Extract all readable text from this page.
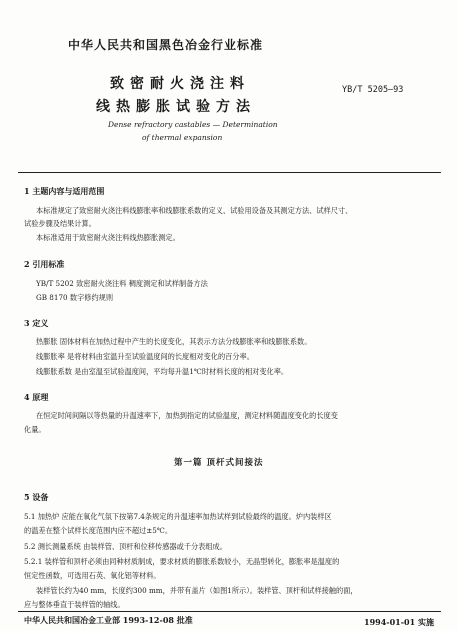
中华人民共和国黑色冶金行业标准
致密耐火浇注料
线热膨胀试验方法
YB/T 5205—93
Dense refractory castables — Determination
of thermal expansion
1 主题内容与适用范围
本标准规定了致密耐火浇注料线膨胀率和线膨胀系数的定义、试验用设备及其测定方法、试样尺寸、
试验步骤及结果计算。
本标准适用于致密耐火浇注料线热膨胀测定。
2 引用标准
YB/T 5202 致密耐火浇注料 稠度测定和试样制备方法
GB 8170 数字修约规则
3 定义
热膨胀 固体材料在加热过程中产生的长度变化，其表示方法分线膨胀率和线膨胀系数。
线膨胀率 是将材料由室温升至试验温度间的长度相对变化的百分率。
线膨胀系数 是由室温至试验温度间，平均每升温1℃时材料长度的相对变化率。
4 原理
在恒定时间间隔以等热量的升温速率下，加热到指定的试验温度，测定材料随温度变化的长度变
化量。
第一篇 顶杆式间接法
5 设备
5.1 加热炉 应能在氧化气氛下按第7.4条规定的升温速率加热试样到试验最终的温度。炉内装样区
的温差在整个试样长度范围内应不超过±5℃。
5.2 测长测量系统 由装样管、顶杆和位移传感器或千分表组成。
5.2.1 装样管和顶杆必须由同种材质制成，要求材质的膨胀系数较小，无晶型转化，膨胀率是温度的
恒定性函数，可选用石英、氧化铝等材料。
装样管长约为40 mm，长度约300 mm，并带有盖片（如图1所示）。装样管、顶杆和试样接触的面，
应与整体垂直于装样管的轴线。
中华人民共和国冶金工业部 1993-12-08 批准	1994-01-01 实施
